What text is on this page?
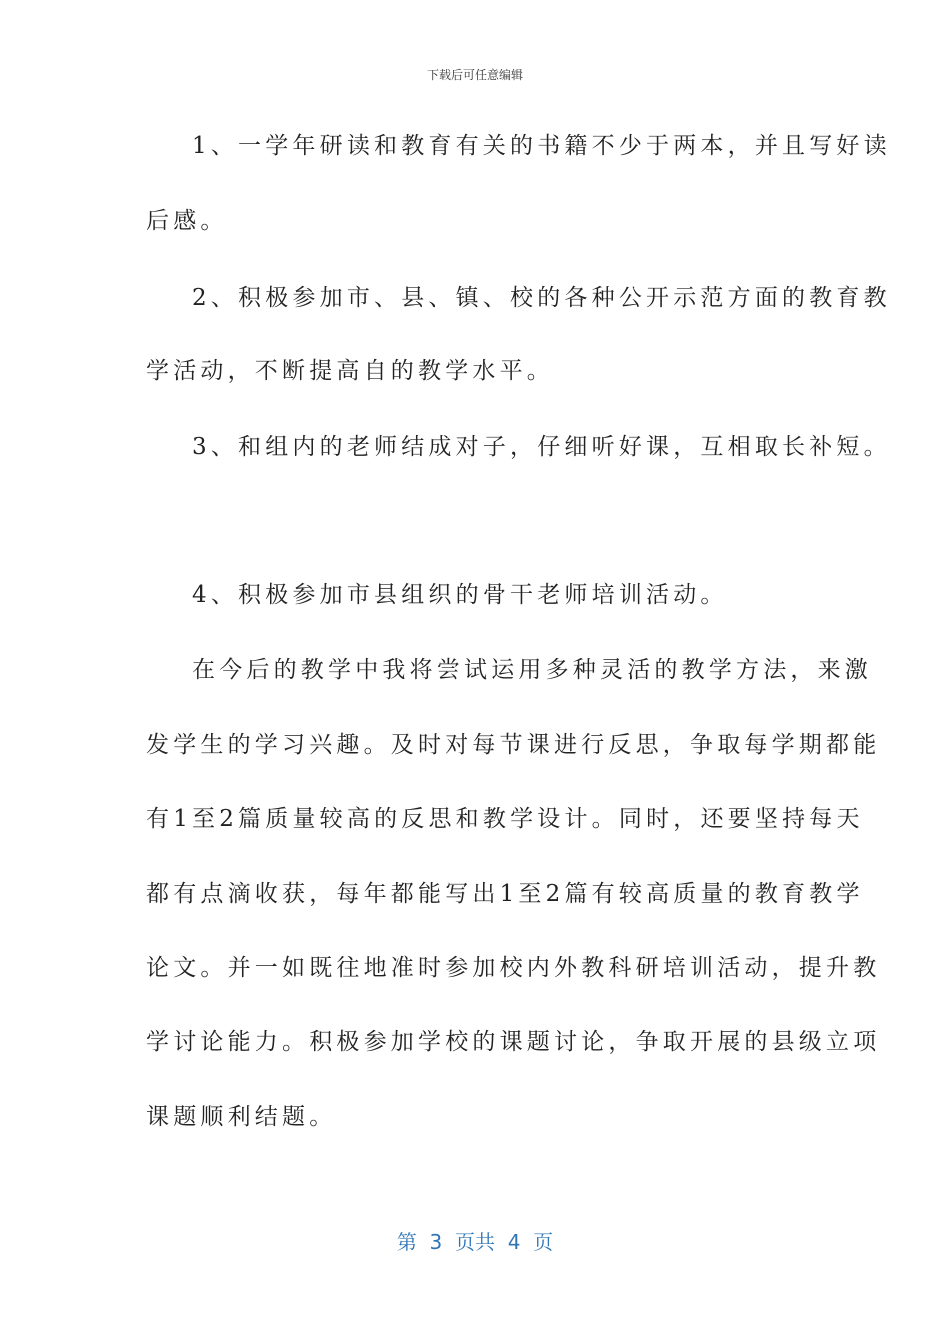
下载后可任意编辑
1、一学年研读和教育有关的书籍不少于两本，并且写好读
后感。
2、积极参加市、县、镇、校的各种公开示范方面的教育教
学活动，不断提高自的教学水平。
3、和组内的老师结成对子，仔细听好课，互相取长补短。
4、积极参加市县组织的骨干老师培训活动。
在今后的教学中我将尝试运用多种灵活的教学方法，来激
发学生的学习兴趣。及时对每节课进行反思，争取每学期都能
有1至2篇质量较高的反思和教学设计。同时，还要坚持每天
都有点滴收获，每年都能写出1至2篇有较高质量的教育教学
论文。并一如既往地准时参加校内外教科研培训活动，提升教
学讨论能力。积极参加学校的课题讨论，争取开展的县级立项
课题顺利结题。
第  3  页共  4  页
